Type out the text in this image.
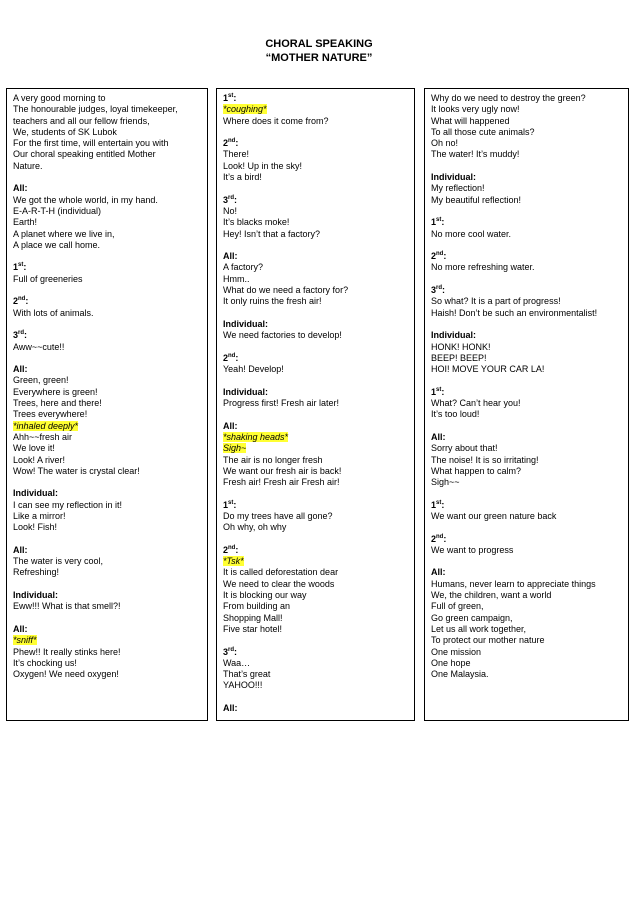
CHORAL SPEAKING
“MOTHER NATURE”
A very good morning to
The honourable judges, loyal timekeeper,
teachers and all our fellow friends,
We, students of SK Lubok
For the first time, will entertain you with
Our choral speaking entitled Mother
Nature.
All:
We got the whole world, in my hand.
E-A-R-T-H (individual)
Earth!
A planet where we live in,
A place we call home.
1st:
Full of greeneries
2nd:
With lots of animals.
3rd:
Aww~~cute!!
All:
Green, green!
Everywhere is green!
Trees, here and there!
Trees everywhere!
*inhaled deeply*
Ahh~~fresh air
We love it!
Look! A river!
Wow! The water is crystal clear!
Individual:
I can see my reflection in it!
Like a mirror!
Look! Fish!
All:
The water is very cool,
Refreshing!
Individual:
Eww!!! What is that smell?!
All:
*sniff*
Phew!! It really stinks here!
It’s chocking us!
Oxygen! We need oxygen!
1st:
*coughing*
Where does it come from?
2nd:
There!
Look! Up in the sky!
It’s a bird!
3rd:
No!
It’s blacks moke!
Hey! Isn’t that a factory?
All:
A factory?
Hmm..
What do we need a factory for?
It only ruins the fresh air!
Individual:
We need factories to develop!
2nd:
Yeah! Develop!
Individual:
Progress first! Fresh air later!
All:
*shaking heads*
Sigh~
The air is no longer fresh
We want our fresh air is back!
Fresh air! Fresh air Fresh air!
1st:
Do my trees have all gone?
Oh why, oh why
2nd:
*Tsk*
It is called deforestation dear
We need to clear the woods
It is blocking our way
From building an
Shopping Mall!
Five star hotel!
3rd:
Waa…
That’s great
YAHOO!!!
All:
Why do we need to destroy the green?
It looks very ugly now!
What will happened
To all those cute animals?
Oh no!
The water! It’s muddy!
Individual:
My reflection!
My beautiful reflection!
1st:
No more cool water.
2nd:
No more refreshing water.
3rd:
So what? It is a part of progress!
Haish! Don’t be such an environmentalist!
Individual:
HONK! HONK!
BEEP! BEEP!
HOI! MOVE YOUR CAR LA!
1st:
What? Can’t hear you!
It’s too loud!
All:
Sorry about that!
The noise! It is so irritating!
What happen to calm?
Sigh~~
1st:
We want our green nature back
2nd:
We want to progress
All:
Humans, never learn to appreciate things
We, the children, want a world
Full of green,
Go green campaign,
Let us all work together,
To protect our mother nature
One mission
One hope
One Malaysia.
